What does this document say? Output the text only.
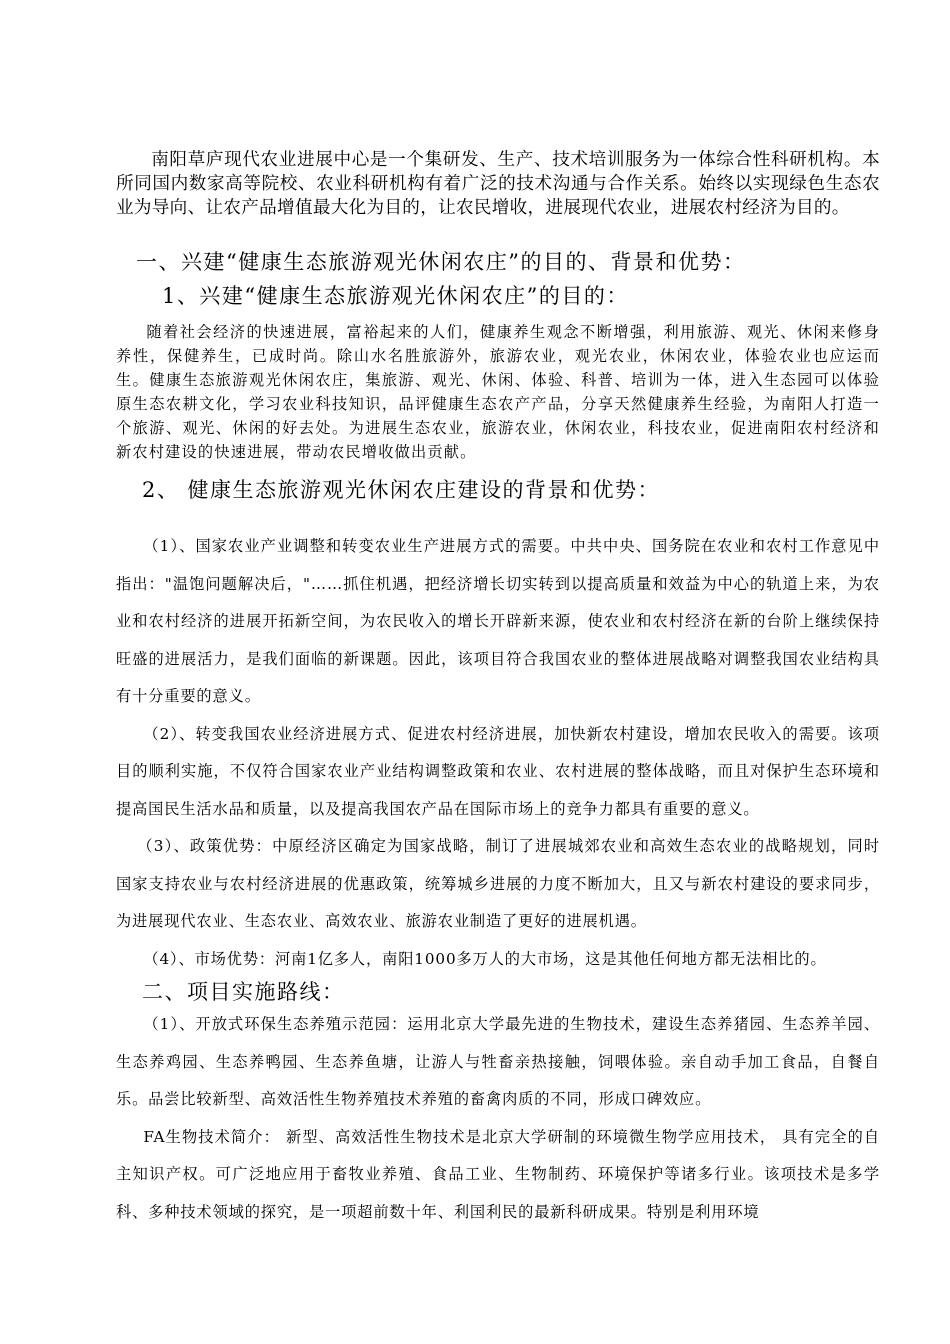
南阳草庐现代农业进展中心是一个集研发、生产、技术培训服务为一体综合性科研机构。本所同国内数家高等院校、农业科研机构有着广泛的技术沟通与合作关系。始终以实现绿色生态农业为导向、让农产品增值最大化为目的，让农民增收，进展现代农业，进展农村经济为目的。

一、兴建“健康生态旅游观光休闲农庄”的目的、背景和优势：
1、兴建“健康生态旅游观光休闲农庄”的目的：

随着社会经济的快速进展，富裕起来的人们，健康养生观念不断增强，利用旅游、观光、休闲来修身养性，保健养生，已成时尚。除山水名胜旅游外，旅游农业，观光农业，休闲农业，体验农业也应运而生。健康生态旅游观光休闲农庄，集旅游、观光、休闲、体验、科普、培训为一体，进入生态园可以体验原生态农耕文化，学习农业科技知识，品评健康生态农产产品，分享天然健康养生经验，为南阳人打造一个旅游、观光、休闲的好去处。为进展生态农业，旅游农业，休闲农业，科技农业，促进南阳农村经济和新农村建设的快速进展，带动农民增收做出贡献。

2、 健康生态旅游观光休闲农庄建设的背景和优势：

（1）、国家农业产业调整和转变农业生产进展方式的需要。中共中央、国务院在农业和农村工作意见中指出："温饱问题解决后，"……抓住机遇，把经济增长切实转到以提高质量和效益为中心的轨道上来，为农业和农村经济的进展开拓新空间，为农民收入的增长开辟新来源，使农业和农村经济在新的台阶上继续保持旺盛的进展活力，是我们面临的新课题。因此，该项目符合我国农业的整体进展战略对调整我国农业结构具有十分重要的意义。

（2）、转变我国农业经济进展方式、促进农村经济进展，加快新农村建设，增加农民收入的需要。该项目的顺利实施，不仅符合国家农业产业结构调整政策和农业、农村进展的整体战略，而且对保护生态环境和提高国民生活水品和质量，以及提高我国农产品在国际市场上的竞争力都具有重要的意义。

（3）、政策优势：中原经济区确定为国家战略，制订了进展城郊农业和高效生态农业的战略规划，同时国家支持农业与农村经济进展的优惠政策，统筹城乡进展的力度不断加大，且又与新农村建设的要求同步，为进展现代农业、生态农业、高效农业、旅游农业制造了更好的进展机遇。

（4）、市场优势：河南1亿多人，南阳1000多万人的大市场，这是其他任何地方都无法相比的。

二、项目实施路线：

（1）、开放式环保生态养殖示范园：运用北京大学最先进的生物技术，建设生态养猪园、生态养羊园、生态养鸡园、生态养鸭园、生态养鱼塘，让游人与牲畜亲热接触，饲喂体验。亲自动手加工食品，自餐自乐。品尝比较新型、高效活性生物养殖技术养殖的畜禽肉质的不同，形成口碑效应。

FA生物技术简介： 新型、高效活性生物技术是北京大学研制的环境微生物学应用技术， 具有完全的自主知识产权。可广泛地应用于畜牧业养殖、食品工业、生物制药、环境保护等诸多行业。该项技术是多学科、多种技术领域的探究，是一项超前数十年、利国利民的最新科研成果。特别是利用环境
